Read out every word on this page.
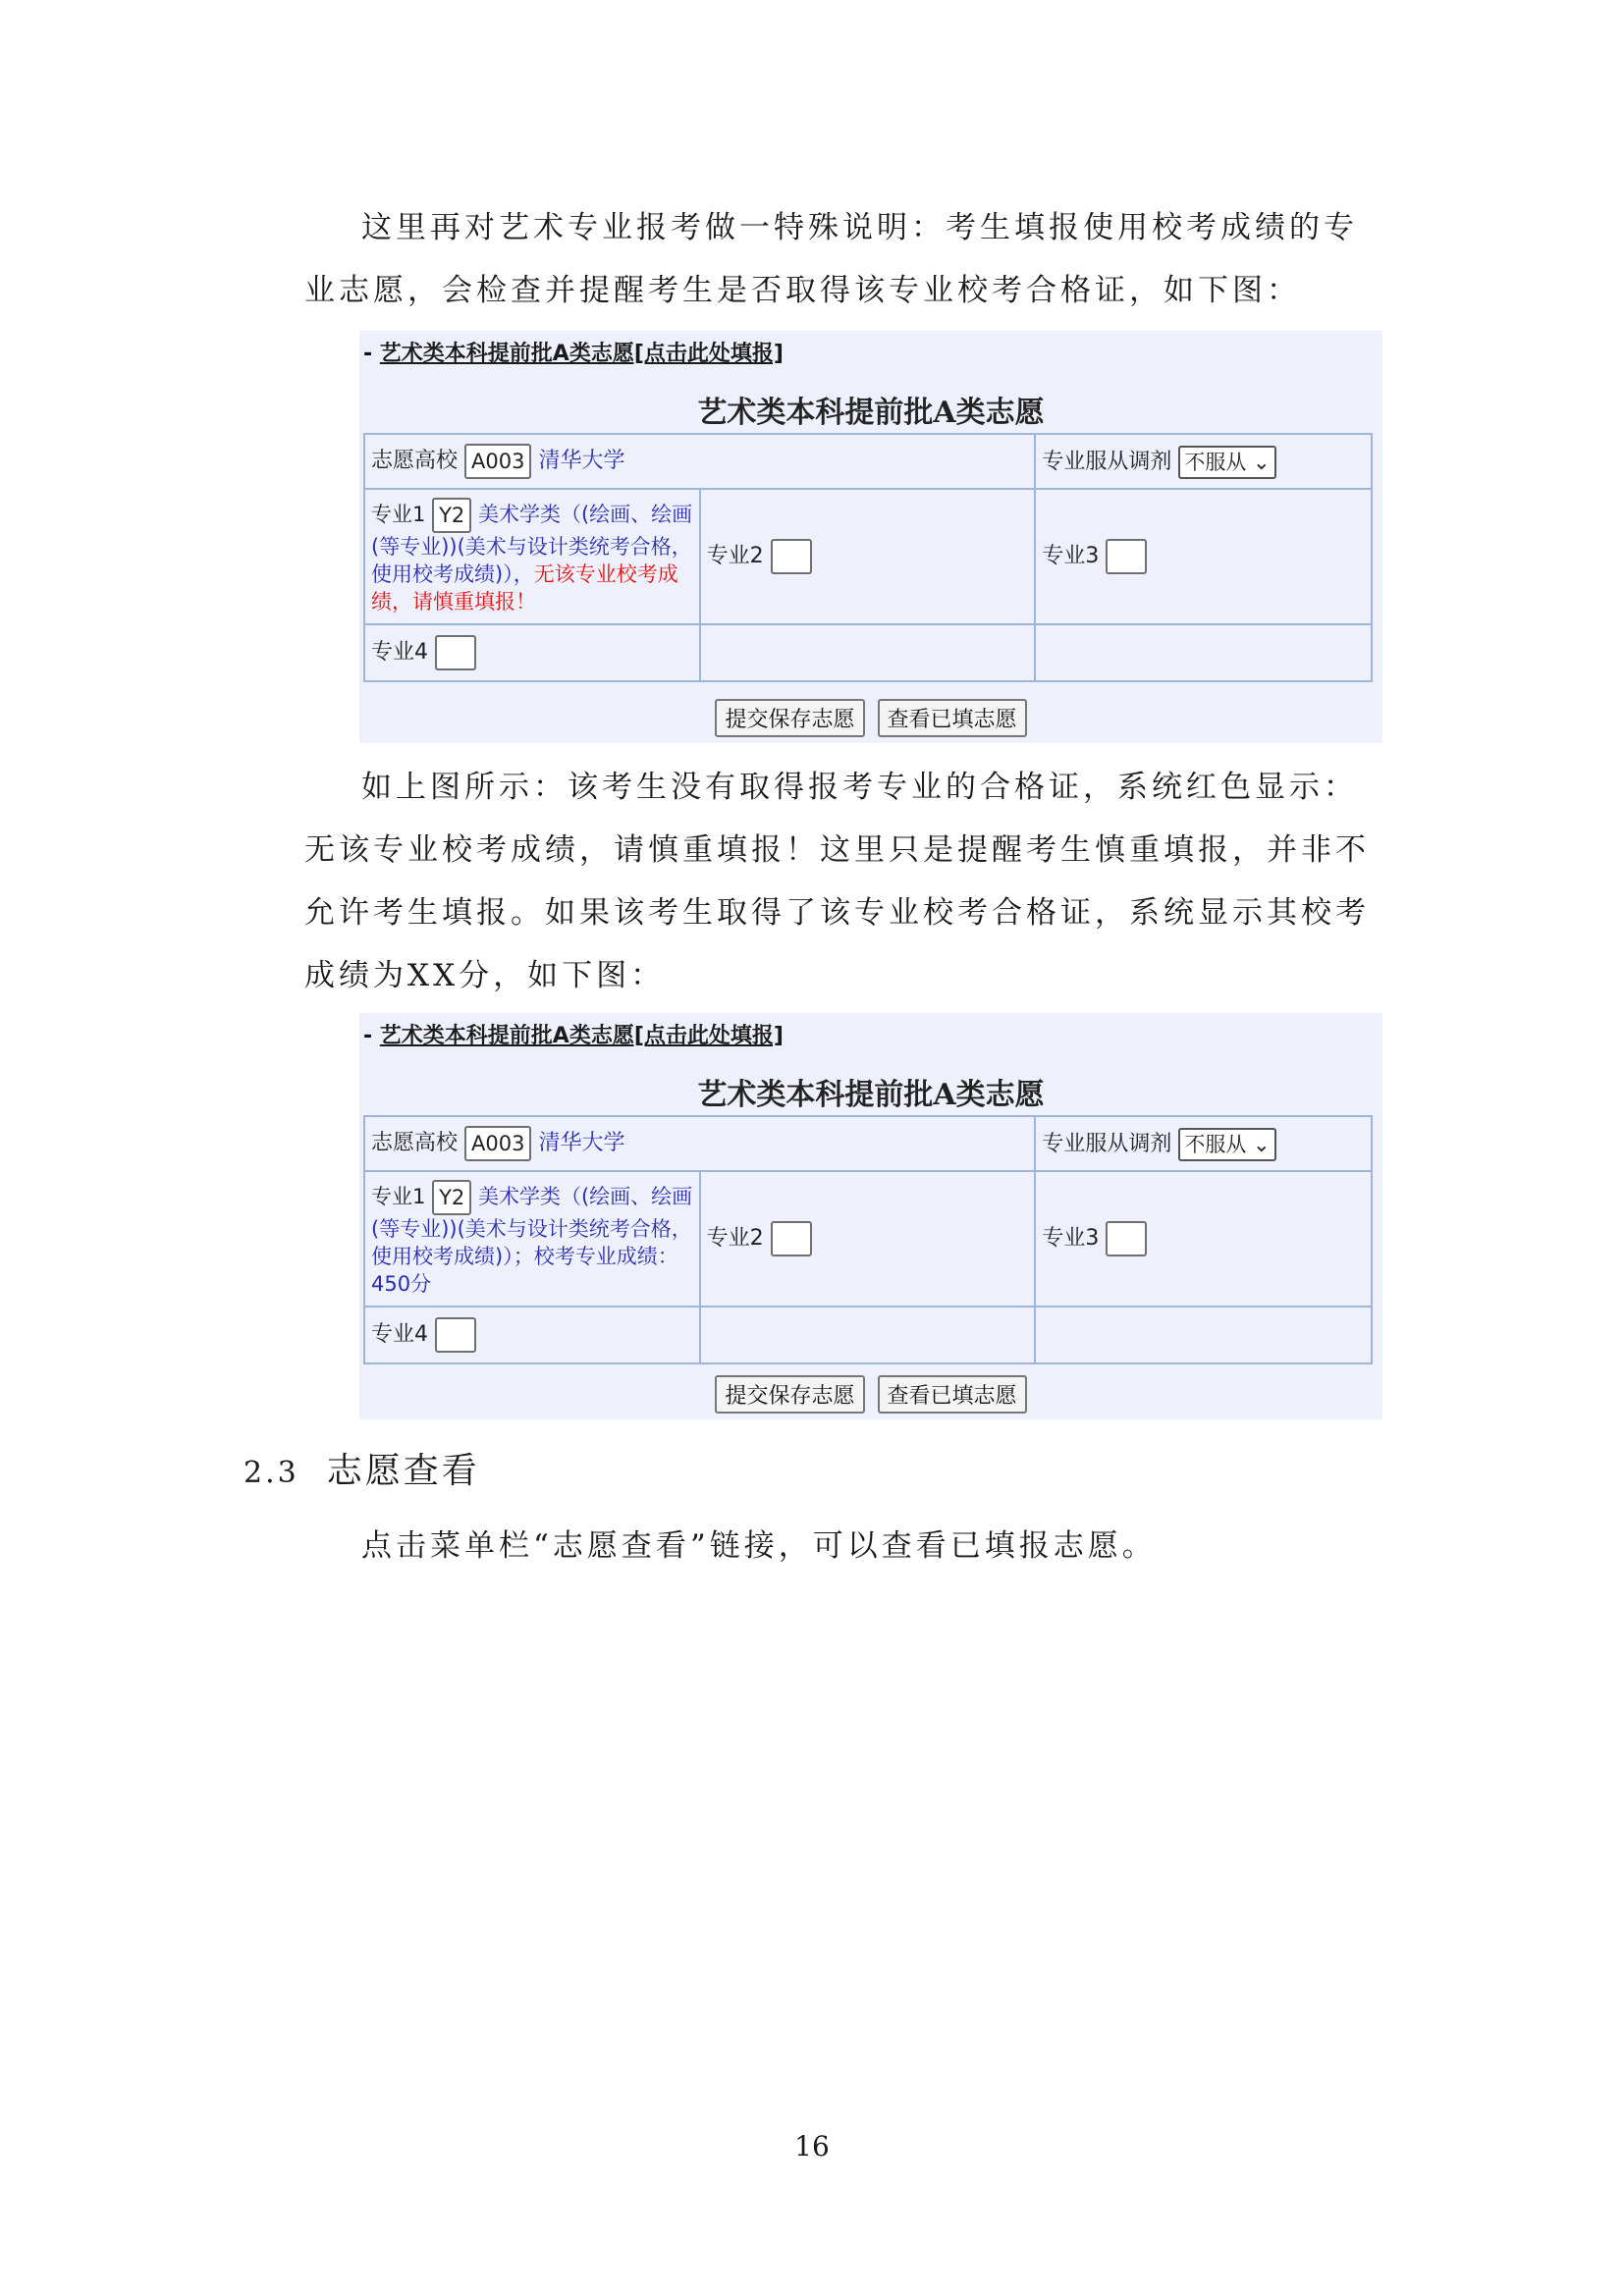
这里再对艺术专业报考做一特殊说明：考生填报使用校考成绩的专业志愿，会检查并提醒考生是否取得该专业校考合格证，如下图：

- 艺术类本科提前批A类志愿[点击此处填报]
艺术类本科提前批A类志愿
志愿高校 A003 清华大学		专业服从调剂 不服从 ⌄

专业1 Y2 美术学类（(绘画、绘画(等专业))(美术与设计类统考合格，使用校考成绩)），无该专业校考成绩，请慎重填报！	专业2	专业3
专业4		
提交保存志愿 查看已填志愿

如上图所示：该考生没有取得报考专业的合格证，系统红色显示：无该专业校考成绩，请慎重填报！这里只是提醒考生慎重填报，并非不允许考生填报。如果该考生取得了该专业校考合格证，系统显示其校考成绩为XX分，如下图：

- 艺术类本科提前批A类志愿[点击此处填报]
艺术类本科提前批A类志愿
志愿高校 A003 清华大学		专业服从调剂 不服从 ⌄

专业1 Y2 美术学类（(绘画、绘画(等专业))(美术与设计类统考合格，使用校考成绩)）；校考专业成绩：450分	专业2	专业3
专业4		
提交保存志愿 查看已填志愿
2.3 志愿查看

点击菜单栏“志愿查看”链接，可以查看已填报志愿。

16
